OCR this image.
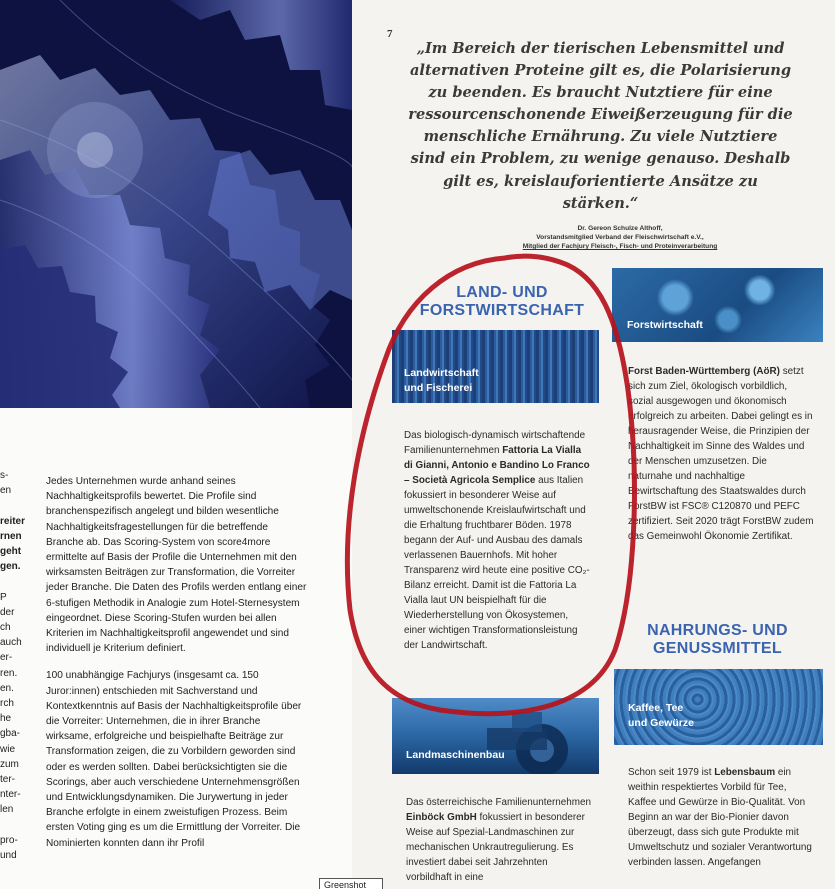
s-
en

reiter
rnen
geht
gen.

P
der
ch
auch
er-
ren.
en.
rch
he
gba-
wie
zum
ter-
nter-
len

pro-
und

Jedes Unternehmen wurde anhand seines Nachhaltigkeitsprofils bewertet. Die Profile sind branchenspezifisch angelegt und bilden wesentliche Nachhaltigkeitsfragestellungen für die betreffende Branche ab. Das Scoring-System von score4more ermittelte auf Basis der Profile die Unternehmen mit den wirksamsten Beiträgen zur Transformation, die Vorreiter jeder Branche. Die Daten des Profils werden entlang einer 6-stufigen Methodik in Analogie zum Hotel-Sternesystem eingeordnet. Diese Scoring-Stufen wurden bei allen Kriterien im Nachhaltigkeitsprofil angewendet und sind individuell je Kriterium definiert.

100 unabhängige Fachjurys (insgesamt ca. 150 Juror:innen) entschieden mit Sachverstand und Kontextkenntnis auf Basis der Nachhaltigkeitsprofile über die Vorreiter: Unternehmen, die in ihrer Branche wirksame, erfolgreiche und beispielhafte Beiträge zur Transformation zeigen, die zu Vorbildern geworden sind oder es werden sollten. Dabei berücksichtigten sie die Scorings, aber auch verschiedene Unternehmensgrößen und Entwicklungsdynamiken. Die Jurywertung in jeder Branche erfolgte in einem zweistufigen Prozess. Beim ersten Voting ging es um die Ermittlung der Vorreiter. Die Nominierten konnten dann ihr Profil

7
„Im Bereich der tierischen Lebensmittel und alternativen Proteine gilt es, die Polarisierung zu beenden. Es braucht Nutztiere für eine ressourcenschonende Eiweißerzeugung für die menschliche Ernährung. Zu viele Nutztiere sind ein Problem, zu wenige genauso. Deshalb gilt es, kreislauforientierte Ansätze zu stärken.“
Dr. Gereon Schulze Althoff,
Vorstandsmitglied Verband der Fleischwirtschaft e.V.,
Mitglied der Fachjury Fleisch-, Fisch- und Proteinverarbeitung
LAND- UND
FORSTWIRTSCHAFT
Landwirtschaft
und Fischerei
Das biologisch-dynamisch wirtschaftende Familienunternehmen Fattoria La Vialla di Gianni, Antonio e Bandino Lo Franco – Società Agricola Semplice aus Italien fokussiert in besonderer Weise auf umweltschonende Kreislaufwirtschaft und die Erhaltung fruchtbarer Böden. 1978 begann der Auf- und Ausbau des damals verlassenen Bauernhofs. Mit hoher Transparenz wird heute eine positive CO₂-Bilanz erreicht. Damit ist die Fattoria La Vialla laut UN beispielhaft für die Wiederherstellung von Ökosystemen, einer wichtigen Transformationsleistung der Landwirtschaft.
Landmaschinenbau
Das österreichische Familienunternehmen Einböck GmbH fokussiert in besonderer Weise auf Spezial-Landmaschinen zur mechanischen Unkrautregulierung. Es investiert dabei seit Jahrzehnten vorbildhaft in eine
Forstwirtschaft
Forst Baden-Württemberg (AöR) setzt sich zum Ziel, ökologisch vorbildlich, sozial ausgewogen und ökonomisch erfolgreich zu arbeiten. Dabei gelingt es in herausragender Weise, die Prinzipien der Nachhaltigkeit im Sinne des Waldes und der Menschen umzusetzen. Die naturnahe und nachhaltige Bewirtschaftung des Staatswaldes durch ForstBW ist FSC® C120870 und PEFC zertifiziert. Seit 2020 trägt ForstBW zudem das Gemeinwohl Ökonomie Zertifikat.
NAHRUNGS- UND
GENUSSMITTEL
Kaffee, Tee
und Gewürze
Schon seit 1979 ist Lebensbaum ein weithin respektiertes Vorbild für Tee, Kaffee und Gewürze in Bio-Qualität. Von Beginn an war der Bio-Pionier davon überzeugt, dass sich gute Produkte mit Umweltschutz und sozialer Verantwortung verbinden lassen. Angefangen
Greenshot
